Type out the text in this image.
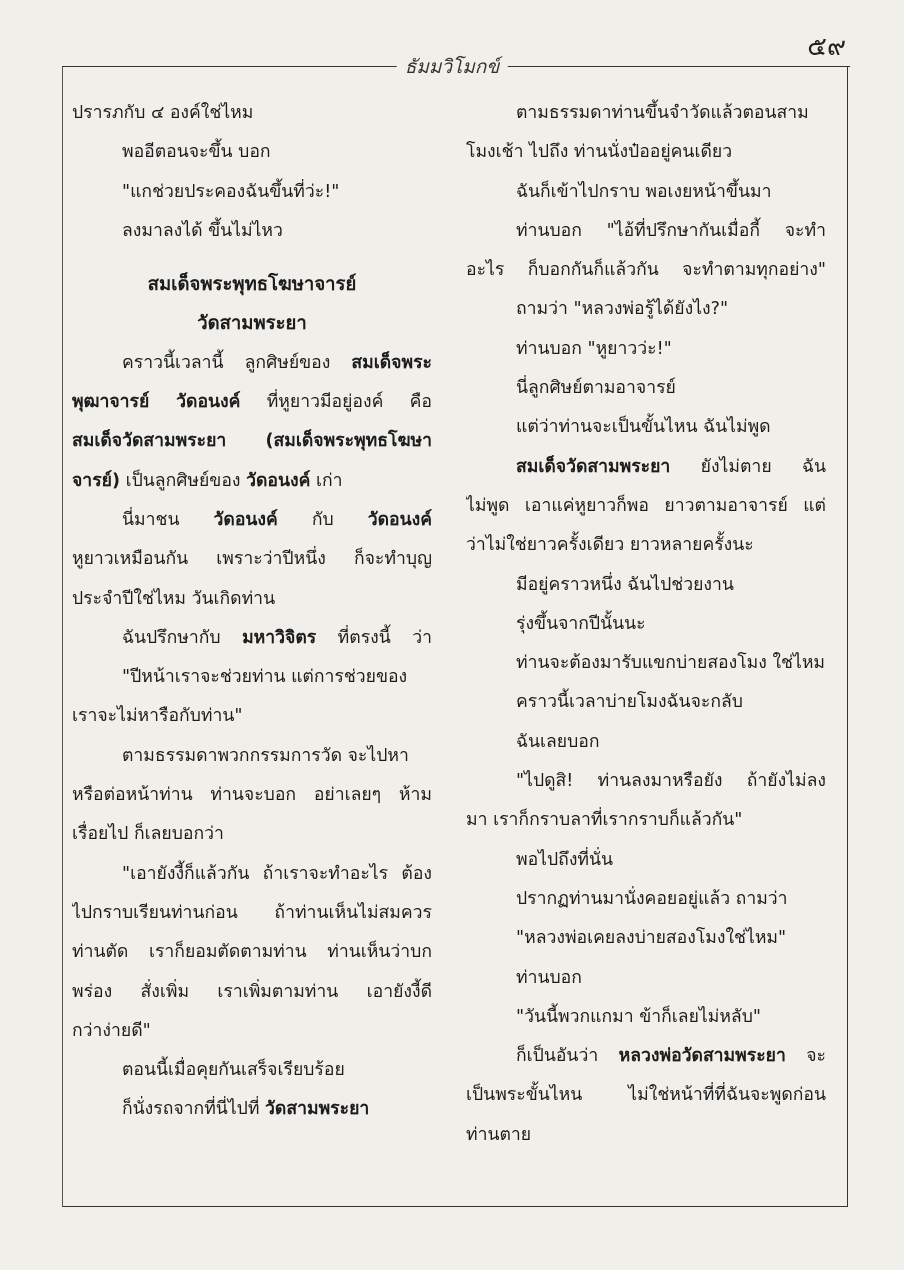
๕๙
ธัมมวิโมกข์
ปรารภกับ ๔ องค์ใช่ไหม
พออีตอนจะขึ้น บอก
"แกช่วยประคองฉันขึ้นที่ว่ะ!"
ลงมาลงได้ ขึ้นไม่ไหว
สมเด็จพระพุทธโฆษาจารย์
วัดสามพระยา
คราวนี้เวลานี้ ลูกศิษย์ของ สมเด็จพระ
พุฒาจารย์ วัดอนงค์ ที่หูยาวมีอยู่องค์ คือ
สมเด็จวัดสามพระยา (สมเด็จพระพุทธโฆษา
จารย์) เป็นลูกศิษย์ของ วัดอนงค์ เก่า
นี่มาชน วัดอนงค์ กับ วัดอนงค์
หูยาวเหมือนกัน เพราะว่าปีหนึ่ง ก็จะทำบุญ
ประจำปีใช่ไหม วันเกิดท่าน
ฉันปรึกษากับ มหาวิจิตร ที่ตรงนี้ ว่า
"ปีหน้าเราจะช่วยท่าน แต่การช่วยของ
เราจะไม่หารือกับท่าน"
ตามธรรมดาพวกกรรมการวัด จะไปหา
หรือต่อหน้าท่าน ท่านจะบอก อย่าเลยๆ ห้าม
เรื่อยไป ก็เลยบอกว่า
"เอายังงี้ก็แล้วกัน ถ้าเราจะทำอะไร ต้อง
ไปกราบเรียนท่านก่อน ถ้าท่านเห็นไม่สมควร
ท่านตัด เราก็ยอมตัดตามท่าน ท่านเห็นว่าบก
พร่อง สั่งเพิ่ม เราเพิ่มตามท่าน เอายังงี้ดี
กว่าง่ายดี"
ตอนนี้เมื่อคุยกันเสร็จเรียบร้อย
ก็นั่งรถจากที่นี่ไปที่ วัดสามพระยา
ตามธรรมดาท่านขึ้นจำวัดแล้วตอนสาม
โมงเช้า ไปถึง ท่านนั่งป๋ออยู่คนเดียว
ฉันก็เข้าไปกราบ พอเงยหน้าขึ้นมา
ท่านบอก "ไอ้ที่ปรึกษากันเมื่อกี้ จะทำ
อะไร ก็บอกกันก็แล้วกัน จะทำตามทุกอย่าง"
ถามว่า "หลวงพ่อรู้ได้ยังไง?"
ท่านบอก "หูยาวว่ะ!"
นี่ลูกศิษย์ตามอาจารย์
แต่ว่าท่านจะเป็นขั้นไหน ฉันไม่พูด
สมเด็จวัดสามพระยา ยังไม่ตาย ฉัน
ไม่พูด เอาแค่หูยาวก็พอ ยาวตามอาจารย์ แต่
ว่าไม่ใช่ยาวครั้งเดียว ยาวหลายครั้งนะ
มีอยู่คราวหนึ่ง ฉันไปช่วยงาน
รุ่งขึ้นจากปีนั้นนะ
ท่านจะต้องมารับแขกบ่ายสองโมง ใช่ไหม
คราวนี้เวลาบ่ายโมงฉันจะกลับ
ฉันเลยบอก
"ไปดูสิ! ท่านลงมาหรือยัง ถ้ายังไม่ลง
มา เราก็กราบลาที่เรากราบก็แล้วกัน"
พอไปถึงที่นั่น
ปรากฏท่านมานั่งคอยอยู่แล้ว ถามว่า
"หลวงพ่อเคยลงบ่ายสองโมงใช่ไหม"
ท่านบอก
"วันนี้พวกแกมา ข้าก็เลยไม่หลับ"
ก็เป็นอันว่า หลวงพ่อวัดสามพระยา จะ
เป็นพระขั้นไหน ไม่ใช่หน้าที่ที่ฉันจะพูดก่อน
ท่านตาย
